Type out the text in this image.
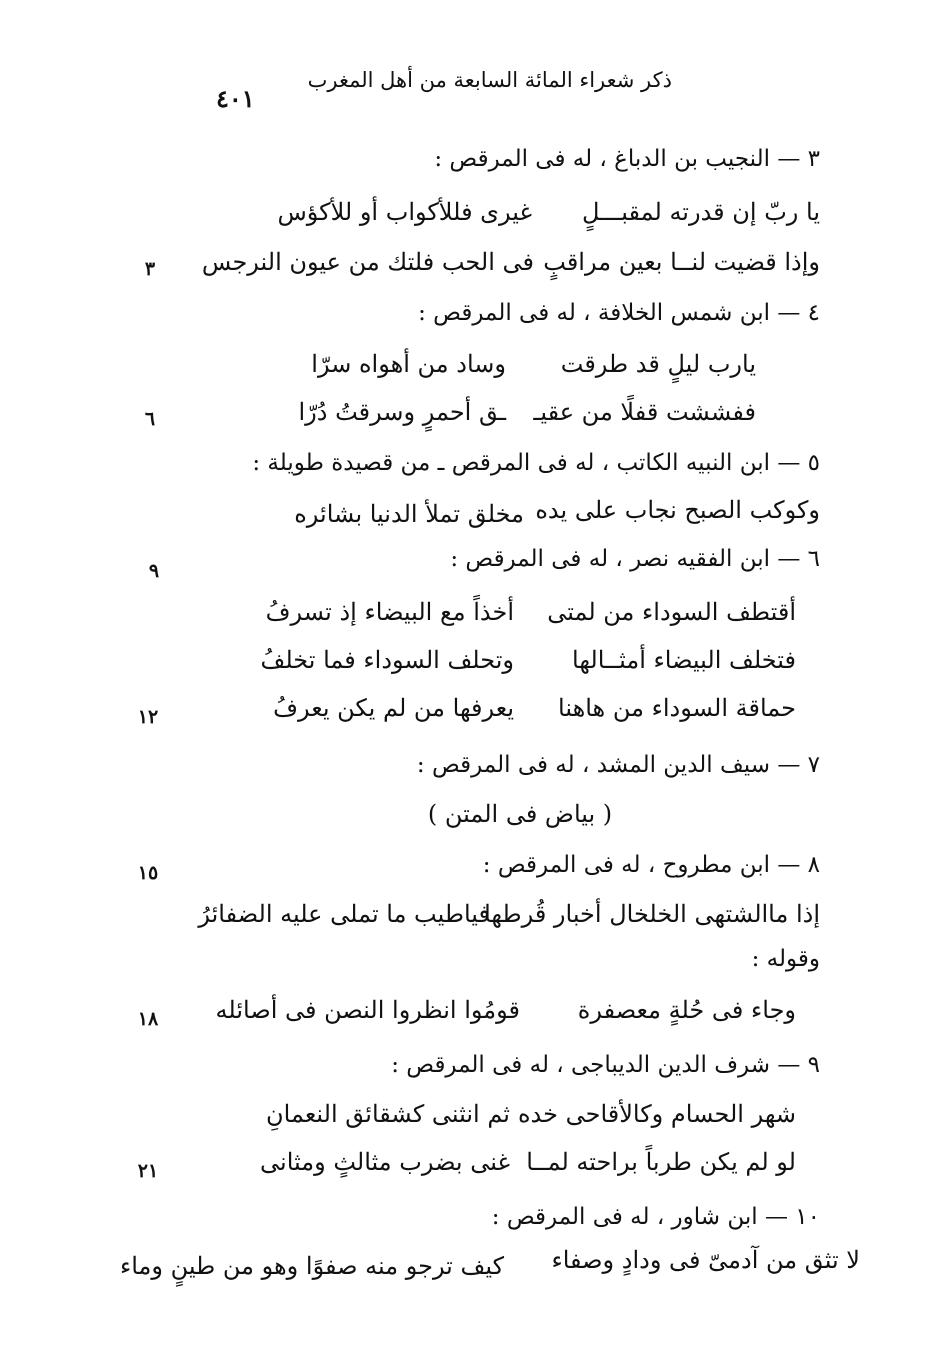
ذكر شعراء المائة السابعة من أهل المغرب
٤٠١
٣ — النجيب بن الدباغ ، له فى المرقص :
يا ربّ إن قدرته لمقبـــلٍ
غيرى فللأكواب أو للأكؤس
وإذا قضيت لنــا بعين مراقبٍ
فى الحب فلتك من عيون النرجس
٣
٤ — ابن شمس الخلافة ، له فى المرقص :
يارب ليلٍ قد طرقت
وساد من أهواه سرّا
ففششت قفلًا من عقيـ
ـق أحمرٍ وسرقتُ دُرّا
٦
٥ — ابن النبيه الكاتب ، له فى المرقص ـ من قصيدة طويلة :
وكوكب الصبح نجاب على يده
مخلق تملأ الدنيا بشائره
٦ — ابن الفقيه نصر ، له فى المرقص :
٩
أقتطف السوداء من لمتى
أخذاً مع البيضاء إذ تسرفُ
فتخلف البيضاء أمثــالها
وتحلف السوداء فما تخلفُ
حماقة السوداء من هاهنا
يعرفها من لم يكن يعرفُ
١٢
٧ — سيف الدين المشد ، له فى المرقص :
( بياض فى المتن )
٨ — ابن مطروح ، له فى المرقص :
١٥
إذا ماالشتهى الخلخال أخبار قُرطها
فياطيب ما تملى عليه الضفائرُ
وقوله :
وجاء فى حُلةٍ معصفرة
قومُوا انظروا النصن فى أصائله
١٨
٩ — شرف الدين الديباجى ، له فى المرقص :
شهر الحسام وكالأقاحى خده
ثم انثنى كشقائق النعمانِ
لو لم يكن طرباً براحته لمــا
غنى بضرب مثالثٍ ومثانى
٢١
١٠ — ابن شاور ، له فى المرقص :
لا تثق من آدمىّ فى ودادٍ وصفاء
كيف ترجو منه صفوًا وهو من طينٍ وماء
